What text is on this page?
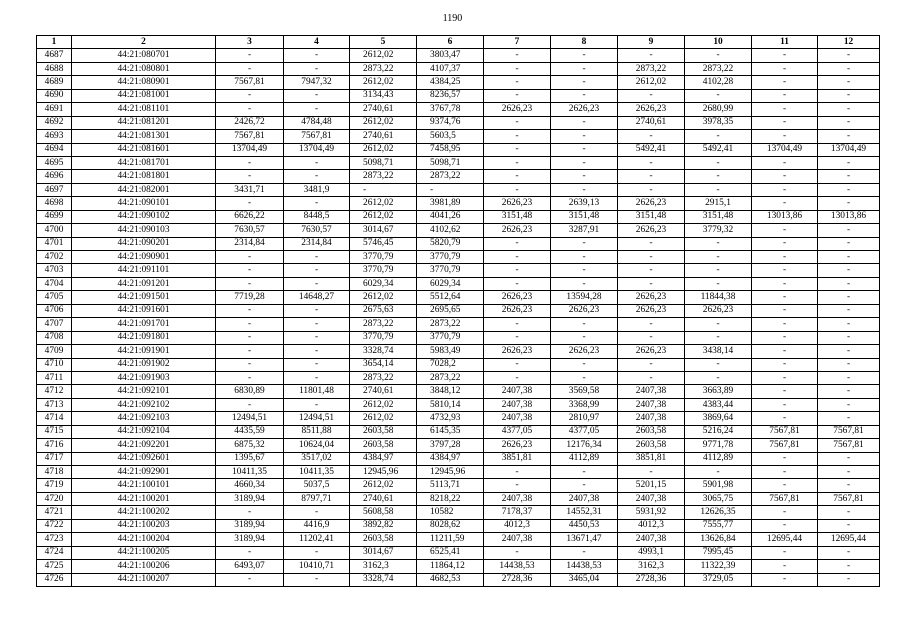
1190
1	2	3	4	5	6	7	8	9	10	11	12
4687	44:21:080701	-	-	2612,02	3803,47	-	-	-	-	-	-
4688	44:21:080801	-	-	2873,22	4107,37	-	-	2873,22	2873,22	-	-
4689	44:21:080901	7567,81	7947,32	2612,02	4384,25	-	-	2612,02	4102,28	-	-
4690	44:21:081001	-	-	3134,43	8236,57	-	-	-	-	-	-
4691	44:21:081101	-	-	2740,61	3767,78	2626,23	2626,23	2626,23	2680,99	-	-
4692	44:21:081201	2426,72	4784,48	2612,02	9374,76	-	-	2740,61	3978,35	-	-
4693	44:21:081301	7567,81	7567,81	2740,61	5603,5	-	-	-	-	-	-
4694	44:21:081601	13704,49	13704,49	2612,02	7458,95	-	-	5492,41	5492,41	13704,49	13704,49
4695	44:21:081701	-	-	5098,71	5098,71	-	-	-	-	-	-
4696	44:21:081801	-	-	2873,22	2873,22	-	-	-	-	-	-
4697	44:21:082001	3431,71	3481,9	-	-	-	-	-	-	-	-
4698	44:21:090101	-	-	2612,02	3981,89	2626,23	2639,13	2626,23	2915,1	-	-
4699	44:21:090102	6626,22	8448,5	2612,02	4041,26	3151,48	3151,48	3151,48	3151,48	13013,86	13013,86
4700	44:21:090103	7630,57	7630,57	3014,67	4102,62	2626,23	3287,91	2626,23	3779,32	-	-
4701	44:21:090201	2314,84	2314,84	5746,45	5820,79	-	-	-	-	-	-
4702	44:21:090901	-	-	3770,79	3770,79	-	-	-	-	-	-
4703	44:21:091101	-	-	3770,79	3770,79	-	-	-	-	-	-
4704	44:21:091201	-	-	6029,34	6029,34	-	-	-	-	-	-
4705	44:21:091501	7719,28	14648,27	2612,02	5512,64	2626,23	13594,28	2626,23	11844,38	-	-
4706	44:21:091601	-	-	2675,63	2695,65	2626,23	2626,23	2626,23	2626,23	-	-
4707	44:21:091701	-	-	2873,22	2873,22	-	-	-	-	-	-
4708	44:21:091801	-	-	3770,79	3770,79	-	-	-	-	-	-
4709	44:21:091901	-	-	3328,74	5983,49	2626,23	2626,23	2626,23	3438,14	-	-
4710	44:21:091902	-	-	3654,14	7028,2	-	-	-	-	-	-
4711	44:21:091903	-	-	2873,22	2873,22	-	-	-	-	-	-
4712	44:21:092101	6830,89	11801,48	2740,61	3848,12	2407,38	3569,58	2407,38	3663,89	-	-
4713	44:21:092102	-	-	2612,02	5810,14	2407,38	3368,99	2407,38	4383,44	-	-
4714	44:21:092103	12494,51	12494,51	2612,02	4732,93	2407,38	2810,97	2407,38	3869,64	-	-
4715	44:21:092104	4435,59	8511,88	2603,58	6145,35	4377,05	4377,05	2603,58	5216,24	7567,81	7567,81
4716	44:21:092201	6875,32	10624,04	2603,58	3797,28	2626,23	12176,34	2603,58	9771,78	7567,81	7567,81
4717	44:21:092601	1395,67	3517,02	4384,97	4384,97	3851,81	4112,89	3851,81	4112,89	-	-
4718	44:21:092901	10411,35	10411,35	12945,96	12945,96	-	-	-	-	-	-
4719	44:21:100101	4660,34	5037,5	2612,02	5113,71	-	-	5201,15	5901,98	-	-
4720	44:21:100201	3189,94	8797,71	2740,61	8218,22	2407,38	2407,38	2407,38	3065,75	7567,81	7567,81
4721	44:21:100202	-	-	5608,58	10582	7178,37	14552,31	5931,92	12626,35	-	-
4722	44:21:100203	3189,94	4416,9	3892,82	8028,62	4012,3	4450,53	4012,3	7555,77	-	-
4723	44:21:100204	3189,94	11202,41	2603,58	11211,59	2407,38	13671,47	2407,38	13626,84	12695,44	12695,44
4724	44:21:100205	-	-	3014,67	6525,41	-	-	4993,1	7995,45	-	-
4725	44:21:100206	6493,07	10410,71	3162,3	11864,12	14438,53	14438,53	3162,3	11322,39	-	-
4726	44:21:100207	-	-	3328,74	4682,53	2728,36	3465,04	2728,36	3729,05	-	-
